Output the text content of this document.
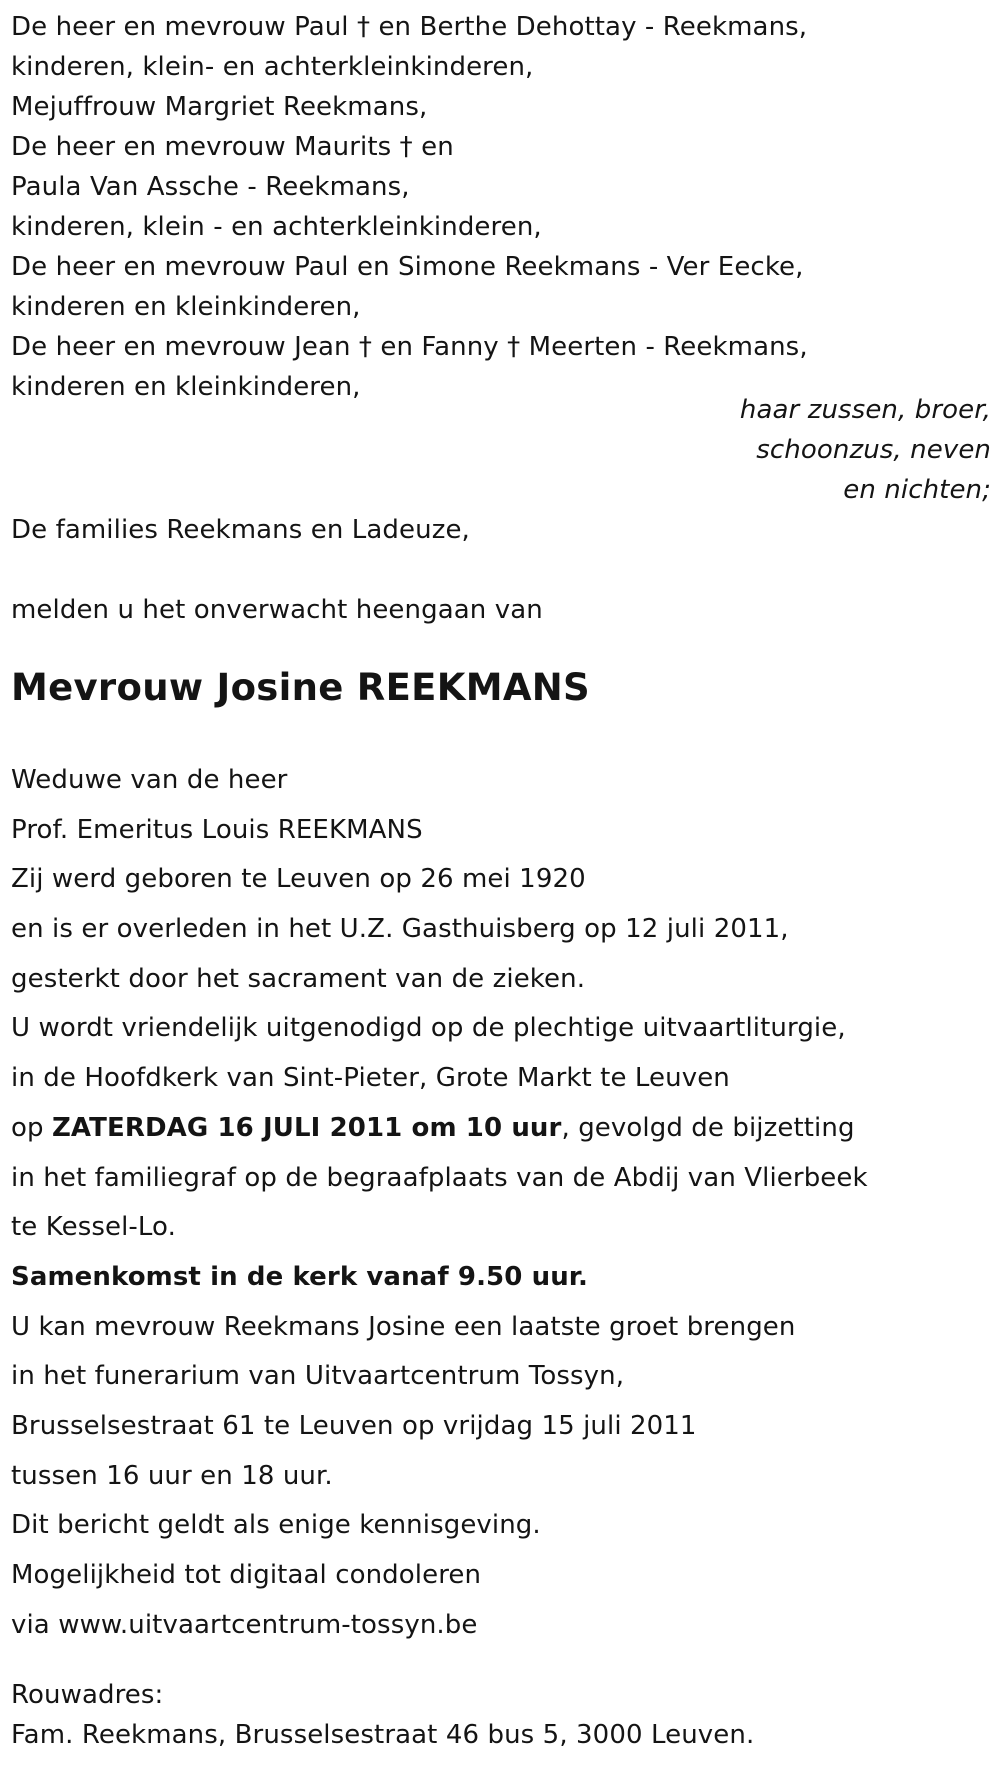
De heer en mevrouw Paul † en Berthe Dehottay - Reekmans,
kinderen, klein- en achterkleinkinderen,
Mejuffrouw Margriet Reekmans,
De heer en mevrouw Maurits † en
Paula Van Assche - Reekmans,
kinderen, klein - en achterkleinkinderen,
De heer en mevrouw Paul en Simone Reekmans - Ver Eecke,
kinderen en kleinkinderen,
De heer en mevrouw Jean † en Fanny † Meerten - Reekmans,
kinderen en kleinkinderen,
haar zussen, broer,
schoonzus, neven
en nichten;
De families Reekmans en Ladeuze,
melden u het onverwacht heengaan van
Mevrouw Josine REEKMANS
Weduwe van de heer
Prof. Emeritus Louis REEKMANS
Zij werd geboren te Leuven op 26 mei 1920
en is er overleden in het U.Z. Gasthuisberg op 12 juli 2011,
gesterkt door het sacrament van de zieken.
U wordt vriendelijk uitgenodigd op de plechtige uitvaartliturgie,
in de Hoofdkerk van Sint-Pieter, Grote Markt te Leuven
op ZATERDAG 16 JULI 2011 om 10 uur, gevolgd de bijzetting
in het familiegraf op de begraafplaats van de Abdij van Vlierbeek
te Kessel-Lo.
Samenkomst in de kerk vanaf 9.50 uur.
U kan mevrouw Reekmans Josine een laatste groet brengen
in het funerarium van Uitvaartcentrum Tossyn,
Brusselsestraat 61 te Leuven op vrijdag 15 juli 2011
tussen 16 uur en 18 uur.
Dit bericht geldt als enige kennisgeving.
Mogelijkheid tot digitaal condoleren
via www.uitvaartcentrum-tossyn.be
Rouwadres:
Fam. Reekmans, Brusselsestraat 46 bus 5, 3000 Leuven.
